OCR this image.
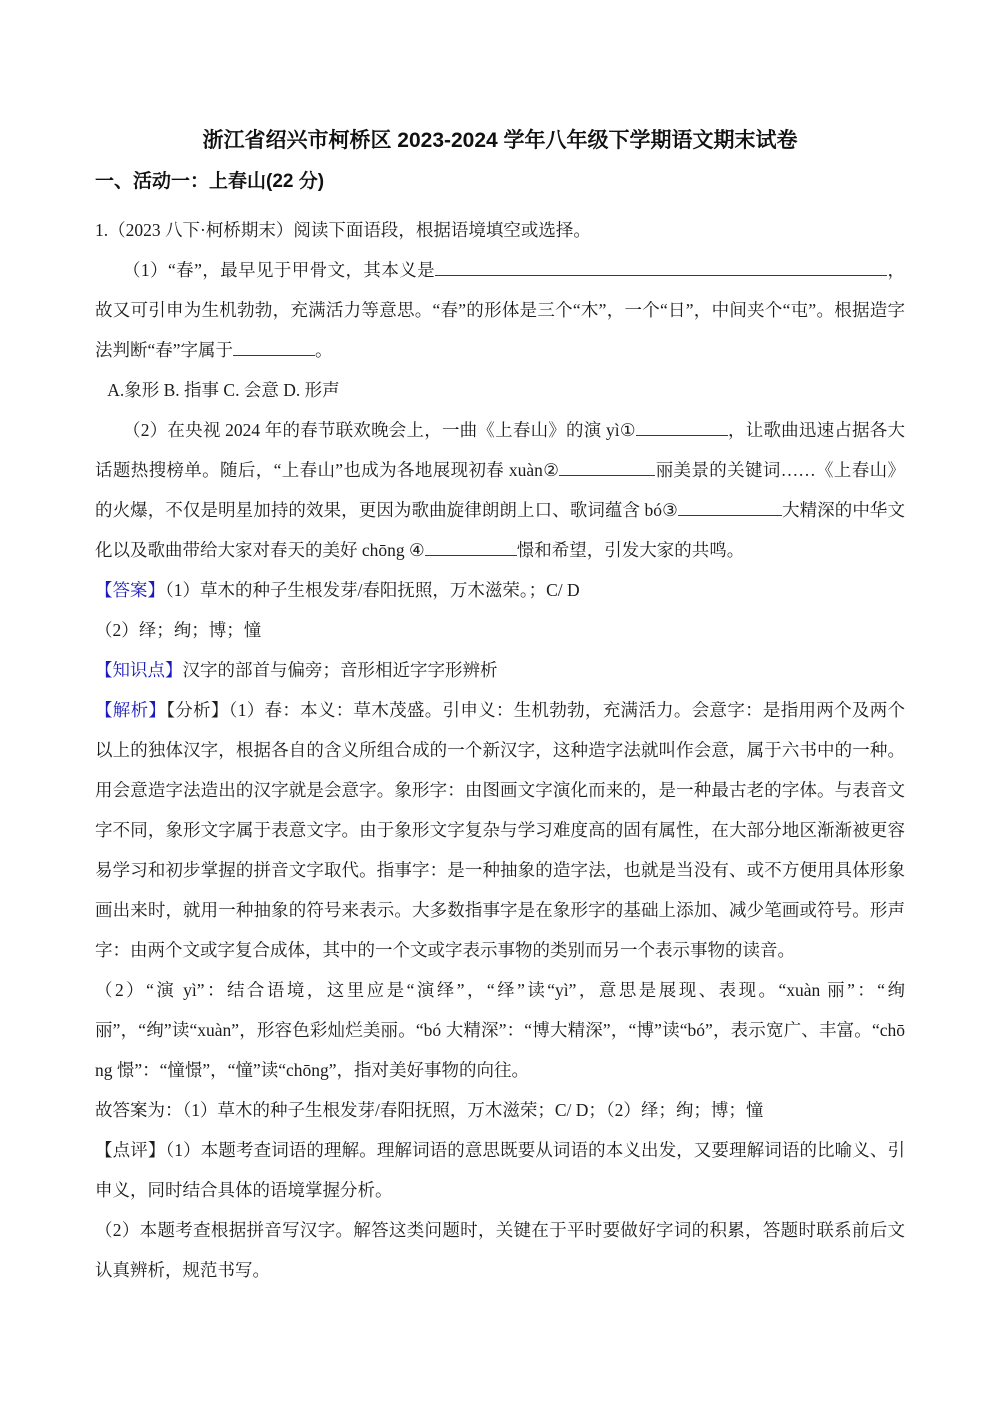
浙江省绍兴市柯桥区 2023-2024 学年八年级下学期语文期末试卷
一、活动一：上春山(22 分)

1.（2023 八下·柯桥期末）阅读下面语段，根据语境填空或选择。

（1）“春”，最早见于甲骨文，其本义是	，故又可引申为生机勃勃，充满活力等意思。“春”的形体是三个“木”，一个“日”，中间夹个“屯”。根据造字法判断“春”字属于	。

A.象形 B. 指事 C. 会意 D. 形声

（2）在央视 2024 年的春节联欢晚会上，一曲《上春山》的演 yì①	，让歌曲迅速占据各大话题热搜榜单。随后，“上春山”也成为各地展现初春 xuàn②	丽美景的关键词……《上春山》的火爆，不仅是明星加持的效果，更因为歌曲旋律朗朗上口、歌词蕴含 bó③	大精深的中华文化以及歌曲带给大家对春天的美好 chōng ④	憬和希望，引发大家的共鸣。

【答案】（1）草木的种子生根发芽/春阳抚照，万木滋荣。；C/ D

（2）绎；绚；博；憧

【知识点】汉字的部首与偏旁；音形相近字字形辨析

【解析】【分析】（1）春：本义：草木茂盛。引申义：生机勃勃，充满活力。会意字：是指用两个及两个以上的独体汉字，根据各自的含义所组合成的一个新汉字，这种造字法就叫作会意，属于六书中的一种。用会意造字法造出的汉字就是会意字。象形字：由图画文字演化而来的，是一种最古老的字体。与表音文字不同，象形文字属于表意文字。由于象形文字复杂与学习难度高的固有属性，在大部分地区渐渐被更容易学习和初步掌握的拼音文字取代。指事字：是一种抽象的造字法，也就是当没有、或不方便用具体形象画出来时，就用一种抽象的符号来表示。大多数指事字是在象形字的基础上添加、减少笔画或符号。形声字：由两个文或字复合成体，其中的一个文或字表示事物的类别而另一个表示事物的读音。

（2）“演 yì”：结合语境，这里应是“演绎”，“绎”读“yì”，意思是展现、表现。“xuàn 丽”：“绚丽”，“绚”读“xuàn”，形容色彩灿烂美丽。“bó 大精深”：“博大精深”，“博”读“bó”，表示宽广、丰富。“chōng 憬”：“憧憬”，“憧”读“chōng”，指对美好事物的向往。

故答案为：（1）草木的种子生根发芽/春阳抚照，万木滋荣；C/ D；（2）绎；绚；博；憧

【点评】（1）本题考查词语的理解。理解词语的意思既要从词语的本义出发，又要理解词语的比喻义、引申义，同时结合具体的语境掌握分析。

（2）本题考查根据拼音写汉字。解答这类问题时，关键在于平时要做好字词的积累，答题时联系前后文认真辨析，规范书写。
